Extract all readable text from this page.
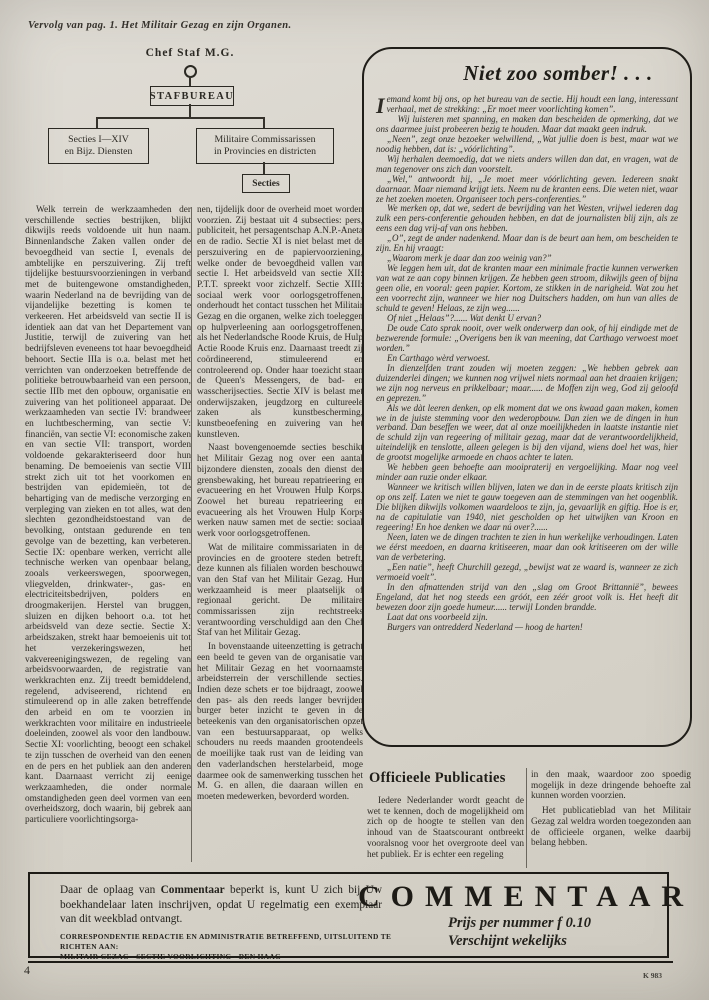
Vervolg van pag. 1. Het Militair Gezag en zijn Organen.
Chef Staf M.G.
STAFBUREAU
Secties I—XIV
en Bijz. Diensten
Militaire Commissarissen
in Provincies en districten
Secties

Welk terrein de werkzaamheden der verschillende secties bestrijken, blijkt dikwijls reeds voldoende uit hun naam. Binnenlandsche Zaken vallen onder de bevoegdheid van sectie I, evenals de ambtelijke en perszuivering. Zij treft tijdelijke bestuursvoorzieningen in verband met de buitengewone omstandigheden, waarin Nederland na de bevrijding van de vijandelijke bezetting is komen te verkeeren. Het arbeidsveld van sectie II is identiek aan dat van het Departement van Justitie, terwijl de zuivering van het bedrijfsleven eveneens tot haar bevoegdheid behoort. Sectie IIIa is o.a. belast met het verrichten van onderzoeken betreffende de politieke betrouwbaarheid van een persoon, sectie IIIb met den opbouw, organisatie en zuivering van het politioneel apparaat. De werkzaamheden van sectie IV: brandweer en luchtbescherming, van sectie V: financiën, van sectie VI: economische zaken en van sectie VII: transport, worden voldoende gekarakteriseerd door hun benaming. De bemoeienis van sectie VIII strekt zich uit tot het voorkomen en bestrijden van epidemieën, tot de behartiging van de medische verzorging en verpleging van zieken en tot alles, wat den slechten gezondheidstoestand van de bevolking, ontstaan gedurende en ten gevolge van de bezetting, kan verbeteren. Sectie IX: openbare werken, verricht alle technische werken van openbaar belang, zooals verkeerswegen, spoorwegen, vliegvelden, drinkwater-, gas- en electriciteitsbedrijven, polders en droogmakerijen. Herstel van bruggen, sluizen en dijken behoort o.a. tot het arbeidsveld van deze sectie. Sectie X: arbeidszaken, strekt haar bemoeienis uit tot het verzekeringswezen, het vakvereenigingswezen, de regeling van arbeidsvoorwaarden, de registratie van werkkrachten enz. Zij treedt bemiddelend, regelend, adviseerend, richtend en stimuleerend op in alle zaken betreffende den arbeid en om te voorzien in werkkrachten voor militaire en industrieele doeleinden, zoowel als voor den landbouw. Sectie XI: voorlichting, beoogt een schakel te zijn tusschen de overheid van den eenen en de pers en het publiek aan den anderen kant. Daarnaast verricht zij eenige werkzaamheden, die onder normale omstandigheden geen deel vormen van een overheidszorg, doch waarin, bij gebrek aan particuliere voorlichtingsorga-

nen, tijdelijk door de overheid moet worden voorzien. Zij bestaat uit 4 subsecties: pers, publiciteit, het persagentschap A.N.P.-Aneta en de radio. Sectie XI is niet belast met de perszuivering en de papiervoorziening, welke onder de bevoegdheid vallen van sectie I. Het arbeidsveld van sectie XII: P.T.T. spreekt voor zichzelf. Sectie XIII: sociaal werk voor oorlogsgetroffenen, onderhoudt het contact tusschen het Militair Gezag en die organen, welke zich toeleggen op hulpverleening aan oorlogsgetroffenen, als het Nederlandsche Roode Kruis, de Hulp Actie Roode Kruis enz. Daarnaast treedt zij coördineerend, stimuleerend en controleerend op. Onder haar toezicht staan de Queen's Messengers, de bad- en wasscherijsecties. Sectie XIV is belast met onderwijszaken, jeugdzorg en cultureele zaken als kunstbescherming, kunstbeoefening en zuivering van het kunstleven.

Naast bovengenoemde secties beschikt het Militair Gezag nog over een aantal bijzondere diensten, zooals den dienst der grensbewaking, het bureau repatrieering en evacueering en het Vrouwen Hulp Korps. Zoowel het bureau repatrieering en evacueering als het Vrouwen Hulp Korps werken nauw samen met de sectie: sociaal werk voor oorlogsgetroffenen.

Wat de militaire commissariaten in de provincies en de grootere steden betreft, deze kunnen als filialen worden beschouwd van den Staf van het Militair Gezag. Hun werkzaamheid is meer plaatselijk of regionaal gericht. De militaire commissarissen zijn rechtstreeks verantwoording verschuldigd aan den Chef Staf van het Militair Gezag.

In bovenstaande uiteenzetting is getracht een beeld te geven van de organisatie van het Militair Gezag en het voornaamste arbeidsterrein der verschillende secties. Indien deze schets er toe bijdraagt, zoowel den pas- als den reeds langer bevrijden burger beter inzicht te geven in de beteekenis van den organisatorischen opzet van een bestuursapparaat, op welks schouders nu reeds maanden grootendeels de moeilijke taak rust van de leiding van den vaderlandschen herstelarbeid, moge daarmee ook de samenwerking tusschen het M. G. en allen, die daaraan willen en moeten medewerken, bevorderd worden.

Niet zoo somber! . . .

Iemand komt bij ons, op het bureau van de sectie. Hij houdt een lang, interessant verhaal, met de strekking: „Er moet meer voorlichting komen”.

Wij luisteren met spanning, en maken dan bescheiden de opmerking, dat we ons daarmee juist probeeren bezig te houden. Maar dat maakt geen indruk.

„Neen”, zegt onze bezoeker welwillend, „Wat jullie doen is best, maar wat we noodig hebben, dat is: „vóórlichting”.

Wij herhalen deemoedig, dat we niets anders willen dan dat, en vragen, wat de man tegenover ons zich dan voorstelt.

„Wel,” antwoordt hij, „Je moet meer vóórlichting geven. Iedereen snakt daarnaar. Maar niemand krijgt iets. Neem nu de kranten eens. Die weten niet, waar ze het zoeken moeten. Organiseer toch pers-conferenties.”

We merken op, dat we, sedert de bevrijding van het Westen, vrijwel iederen dag zulk een pers-conferentie gehouden hebben, en dat de journalisten blij zijn, als ze eens een dag vrij-af van ons hebben.

„O”, zegt de ander nadenkend. Maar dan is de beurt aan hem, om bescheiden te zijn. En hij vraagt:

„Waarom merk je daar dan zoo weinig van?”

We leggen hem uit, dat de kranten maar een minimale fractie kunnen verwerken van wat ze aan copy binnen krijgen. Ze hebben geen stroom, dikwijls geen of bijna geen olie, en vooral: geen papier. Kortom, ze stikken in de narigheid. Wat zou het een voorrecht zijn, wanneer we hier nog Duitschers hadden, om hun van alles de schuld te geven! Helaas, ze zijn weg......

Of niet „Helaas”?...... Wat denkt U ervan?

De oude Cato sprak nooit, over welk onderwerp dan ook, of hij eindigde met de bezwerende formule: „Overigens ben ik van meening, dat Carthago verwoest moet worden.”

En Carthago wèrd verwoest.

In dienzelfden trant zouden wij moeten zeggen: „We hebben gebrek aan duizenderlei dingen; we kunnen nog vrijwel niets normaal aan het draaien krijgen; we zijn nog nerveus en prikkelbaar; maar...... de Moffen zijn weg, God zij geloofd en geprezen.”

Als we dàt leeren denken, op elk moment dat we ons kwaad gaan maken, komen we in de juiste stemming voor den wederopbouw. Dan zien we de dingen in hun verband. Dan beseffen we weer, dat al onze moeilijkheden in laatste instantie niet de schuld zijn van regeering of militair gezag, maar dat de verantwoordelijkheid, uiteindelijk en tenslotte, alleen gelegen is bij den vijand, wiens doel het was, hier de grootst mogelijke armoede en chaos achter te laten.

We hebben geen behoefte aan mooipraterij en vergoelijking. Maar nog veel minder aan ruzie onder elkaar.

Wanneer we kritisch willen blijven, laten we dan in de eerste plaats kritisch zijn op ons zelf. Laten we niet te gauw toegeven aan de stemmingen van het oogenblik. Die blijken dikwijls volkomen waardeloos te zijn, ja, gevaarlijk en giftig. Hoe is er, na de capitulatie van 1940, niet gescholden op het uitwijken van Kroon en regeering! En hoe denken we daar nú over?......

Neen, laten we de dingen trachten te zien in hun werkelijke verhoudingen. Laten we éérst meedoen, en daarna kritiseeren, maar dan ook kritiseeren om der wille van de verbetering.

„Een natie”, heeft Churchill gezegd, „bewijst wat ze waard is, wanneer ze zich vermoeid voelt”.

In den afmattenden strijd van den „slag om Groot Brittannië”, bewees Engeland, dat het nog steeds een gróót, een zéér groot volk is. Het heeft dit bewezen door zijn goede humeur...... terwijl Londen brandde.

Laat dat ons voorbeeld zijn.

Burgers van ontredderd Nederland — hoog de harten!

Officieele Publicaties

Iedere Nederlander wordt geacht de wet te kennen, doch de mogelijkheid om zich op de hoogte te stellen van den inhoud van de Staatscourant ontbreekt vooralsnog voor het overgroote deel van het publiek. Er is echter een regeling

in den maak, waardoor zoo spoedig mogelijk in deze dringende behoefte zal kunnen worden voorzien.

Het publicatieblad van het Militair Gezag zal weldra worden toegezonden aan de officieele organen, welke daarbij belang hebben.

Daar de oplaag van Commentaar beperkt is, kunt U zich bij Uw boekhandelaar laten inschrijven, opdat U regelmatig een exemplaar van dit weekblad ontvangt.
CORRESPONDENTIE REDACTIE EN ADMINISTRATIE BETREFFEND, UITSLUITEND TE RICHTEN AAN:
MILITAIR GEZAG - SECTIE VOORLICHTING - DEN HAAG
COMMENTAAR
Prijs per nummer f 0.10
Verschijnt wekelijks
4	K 983
